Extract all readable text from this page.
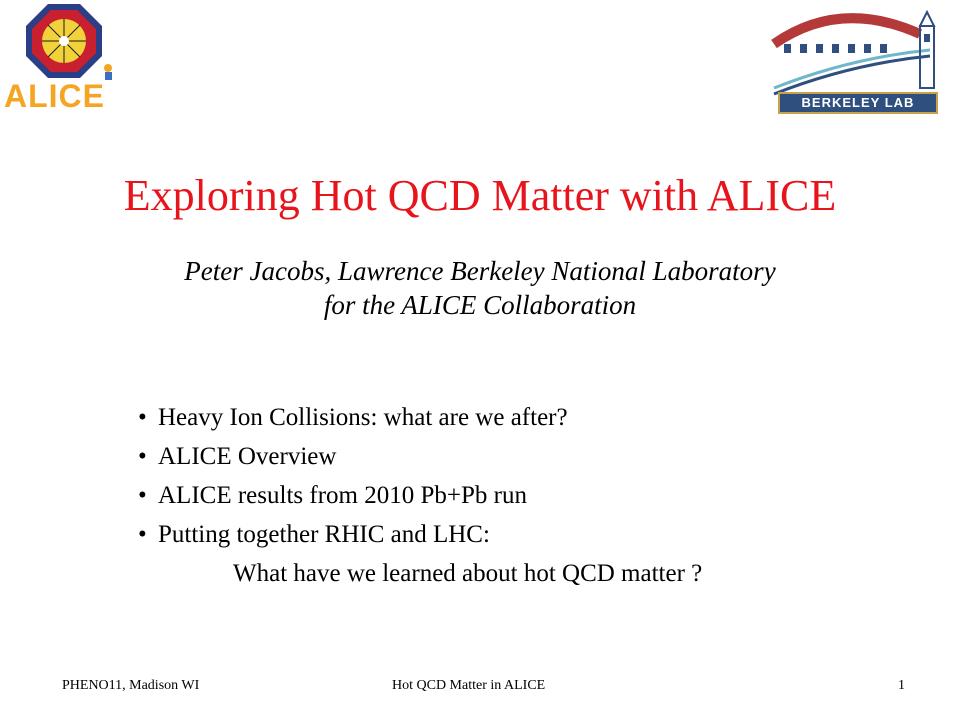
ALICE	BERKELEY LAB
Exploring Hot QCD Matter with ALICE
Peter Jacobs, Lawrence Berkeley National Laboratory
for the ALICE Collaboration
• Heavy Ion Collisions: what are we after?
• ALICE Overview
• ALICE results from 2010 Pb+Pb run
• Putting together RHIC and LHC:
What have we learned about hot QCD matter ?
PHENO11, Madison WI	Hot QCD Matter in ALICE	1
